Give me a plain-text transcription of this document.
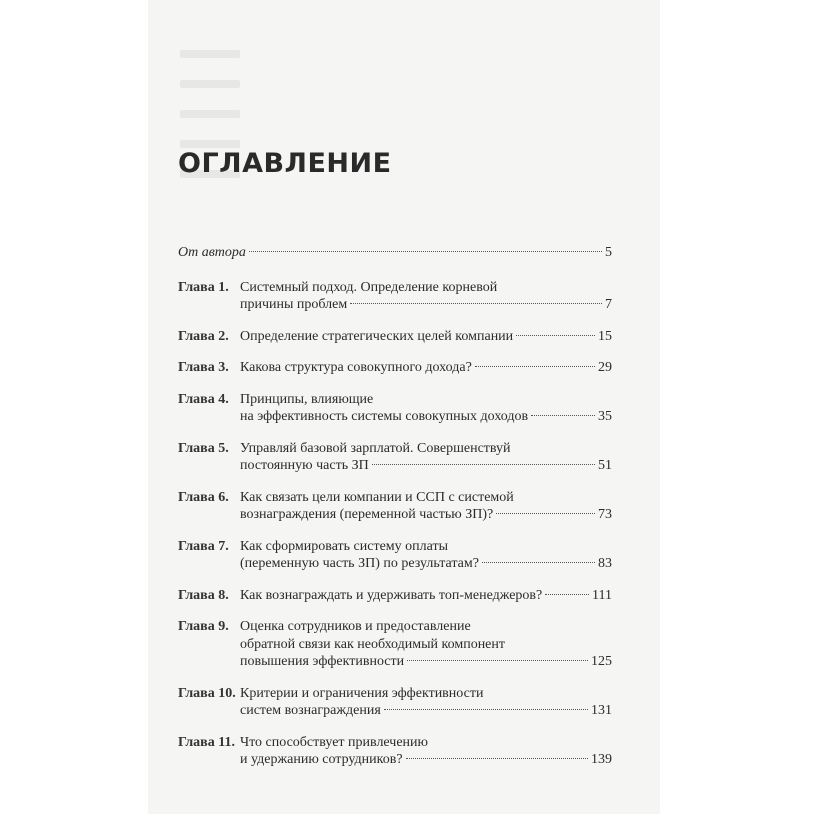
ОГЛАВЛЕНИЕ
От автора	5
Глава 1. Системный подход. Определение корневой
причины проблем	7
Глава 2. Определение стратегических целей компании	15
Глава 3. Какова структура совокупного дохода?	29
Глава 4. Принципы, влияющие
на эффективность системы совокупных доходов	35
Глава 5. Управляй базовой зарплатой. Совершенствуй
постоянную часть ЗП	51
Глава 6. Как связать цели компании и ССП с системой
вознаграждения (переменной частью ЗП)?	73
Глава 7. Как сформировать систему оплаты
(переменную часть ЗП) по результатам?	83
Глава 8. Как вознаграждать и удерживать топ-менеджеров?	111
Глава 9. Оценка сотрудников и предоставление
обратной связи как необходимый компонент
повышения эффективности	125
Глава 10. Критерии и ограничения эффективности
систем вознаграждения	131
Глава 11. Что способствует привлечению
и удержанию сотрудников?	139
